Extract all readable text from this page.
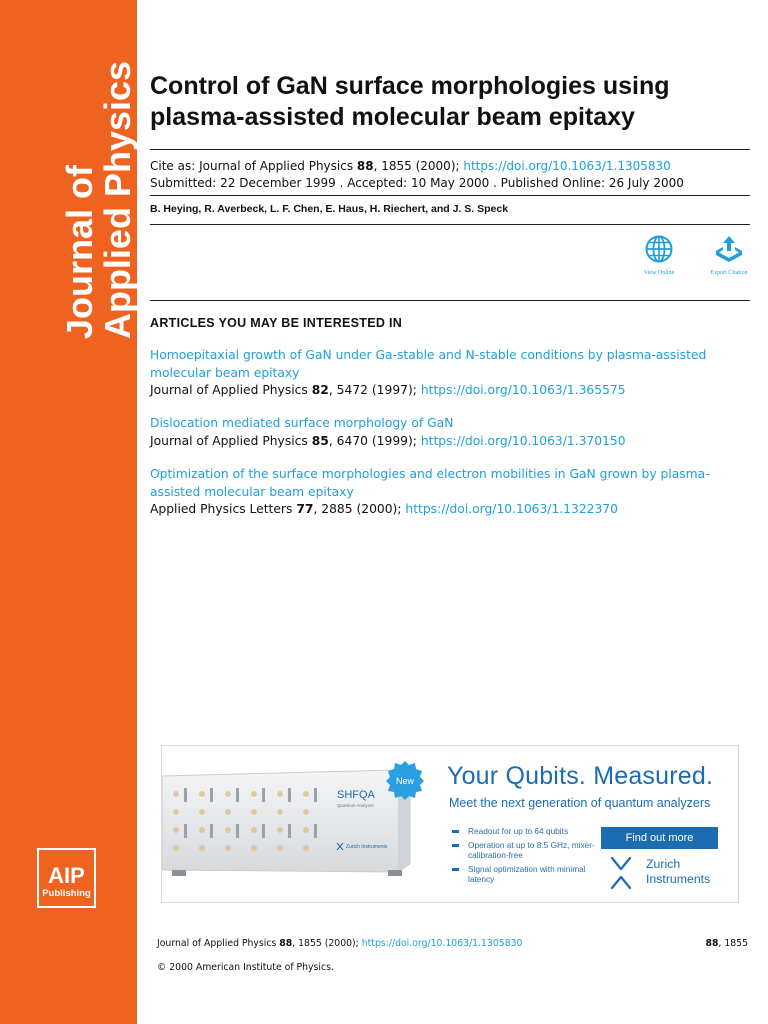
Journal of
Applied Physics
AIP
Publishing
Control of GaN surface morphologies using plasma-assisted molecular beam epitaxy
Cite as: Journal of Applied Physics 88, 1855 (2000); https://doi.org/10.1063/1.1305830
Submitted: 22 December 1999 . Accepted: 10 May 2000 . Published Online: 26 July 2000
B. Heying, R. Averbeck, L. F. Chen, E. Haus, H. Riechert, and J. S. Speck
View Online	Export Citation
ARTICLES YOU MAY BE INTERESTED IN
Homoepitaxial growth of GaN under Ga-stable and N-stable conditions by plasma-assisted molecular beam epitaxy
Journal of Applied Physics 82, 5472 (1997); https://doi.org/10.1063/1.365575
Dislocation mediated surface morphology of GaN
Journal of Applied Physics 85, 6470 (1999); https://doi.org/10.1063/1.370150
Optimization of the surface morphologies and electron mobilities in GaN grown by plasma-assisted molecular beam epitaxy
Applied Physics Letters 77, 2885 (2000); https://doi.org/10.1063/1.1322370
SHFQA
Quantum Analyzer
Zurich Instruments
New Your Qubits. Measured.
Meet the next generation of quantum analyzers
Readout for up to 64 qubits
Operation at up to 8.5 GHz, mixer-calibration-free
Signal optimization with minimal latency
Find out more
Zurich
Instruments
Journal of Applied Physics 88, 1855 (2000); https://doi.org/10.1063/1.1305830	88, 1855
© 2000 American Institute of Physics.
